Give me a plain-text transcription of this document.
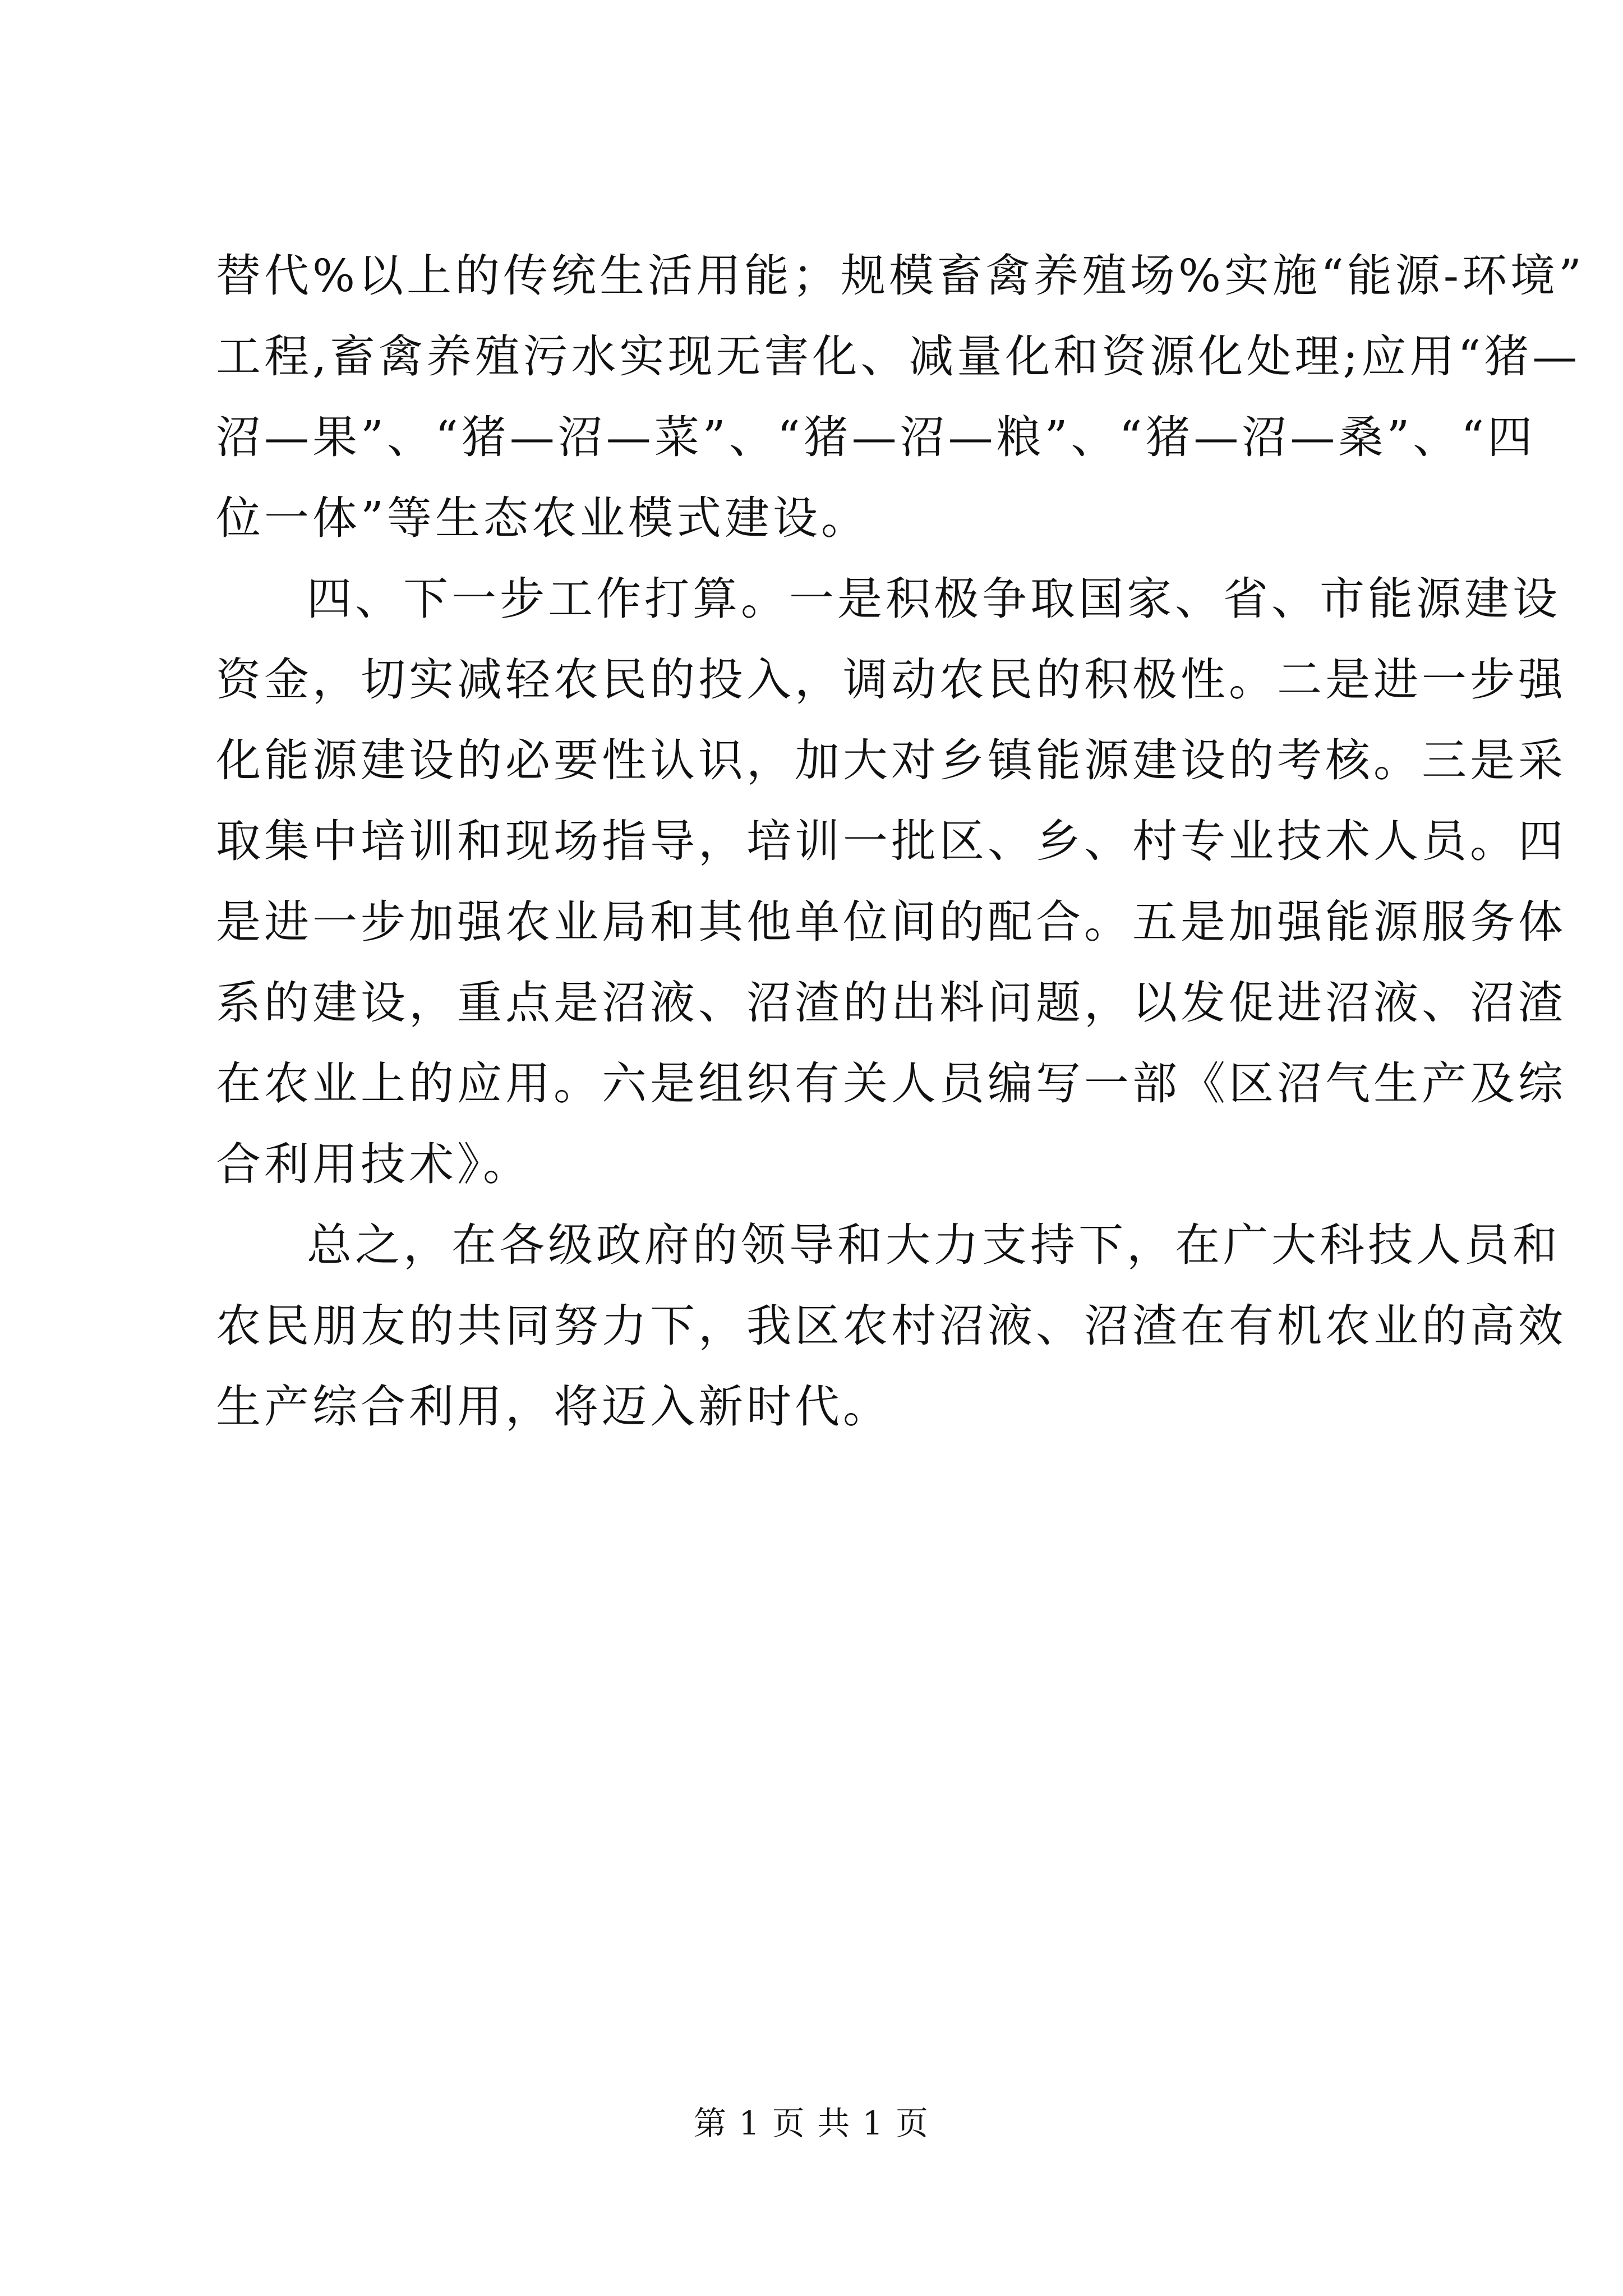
替代%以上的传统生活用能；规模畜禽养殖场%实施“能源-环境”
工程,畜禽养殖污水实现无害化、减量化和资源化处理;应用“猪—
沼—果”、“猪—沼—菜”、“猪—沼—粮”、“猪—沼—桑”、“四
位一体”等生态农业模式建设。
四、下一步工作打算。一是积极争取国家、省、市能源建设
资金，切实减轻农民的投入，调动农民的积极性。二是进一步强
化能源建设的必要性认识，加大对乡镇能源建设的考核。三是采
取集中培训和现场指导，培训一批区、乡、村专业技术人员。四
是进一步加强农业局和其他单位间的配合。五是加强能源服务体
系的建设，重点是沼液、沼渣的出料问题，以发促进沼液、沼渣
在农业上的应用。六是组织有关人员编写一部《区沼气生产及综
合利用技术》。
总之，在各级政府的领导和大力支持下，在广大科技人员和
农民朋友的共同努力下，我区农村沼液、沼渣在有机农业的高效
生产综合利用，将迈入新时代。
第 1 页 共 1 页
